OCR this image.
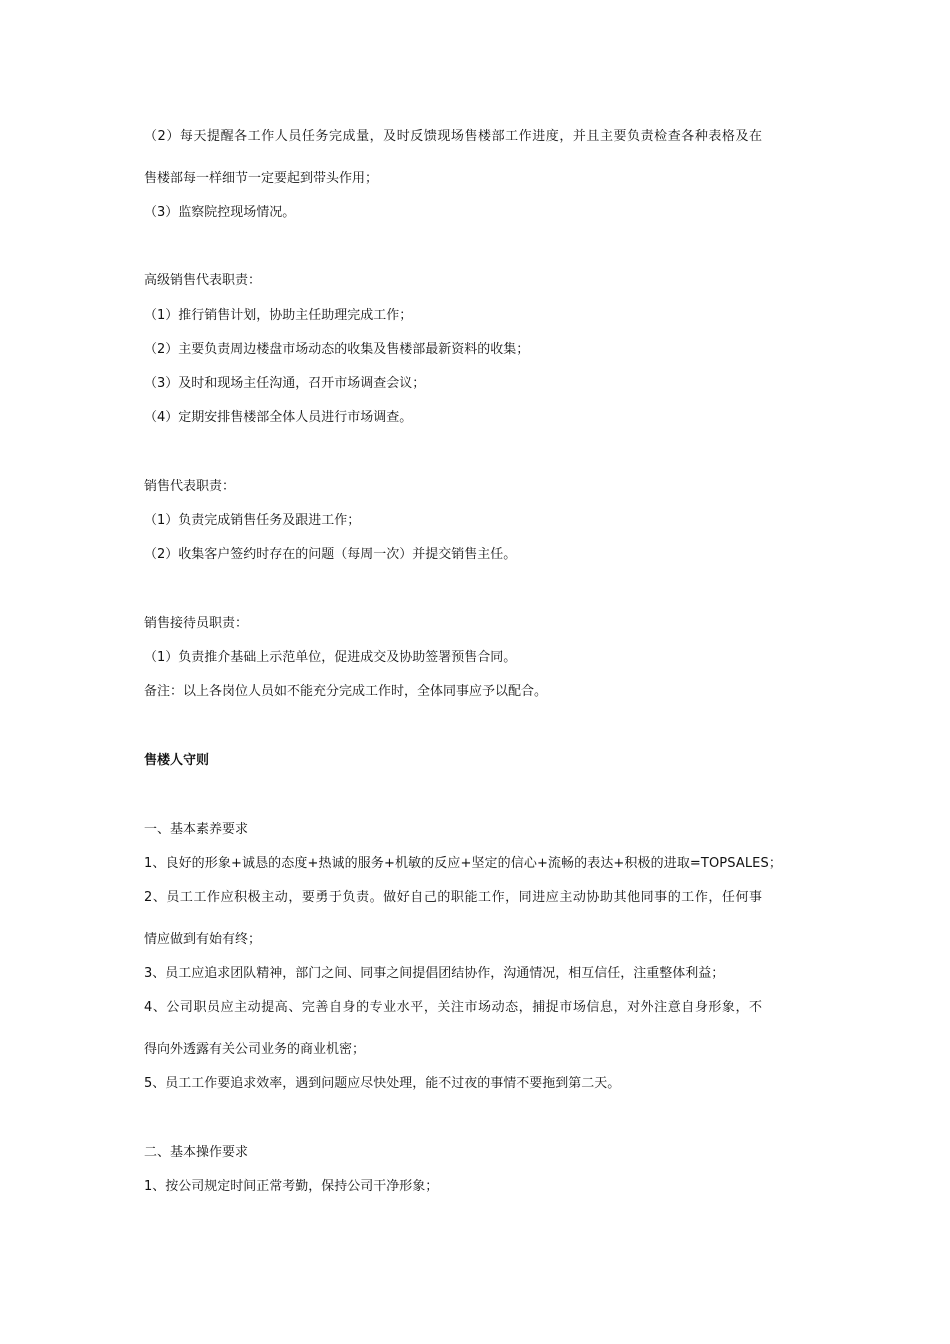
（2）每天提醒各工作人员任务完成量，及时反馈现场售楼部工作进度，并且主要负责检查各种表格及在

售楼部每一样细节一定要起到带头作用；

（3）监察院控现场情况。

高级销售代表职责：

（1）推行销售计划，协助主任助理完成工作；

（2）主要负责周边楼盘市场动态的收集及售楼部最新资料的收集；

（3）及时和现场主任沟通，召开市场调查会议；

（4）定期安排售楼部全体人员进行市场调查。

销售代表职责：

（1）负责完成销售任务及跟进工作；

（2）收集客户签约时存在的问题（每周一次）并提交销售主任。

销售接待员职责：

（1）负责推介基础上示范单位，促进成交及协助签署预售合同。

备注：以上各岗位人员如不能充分完成工作时，全体同事应予以配合。

售楼人守则

一、基本素养要求

1、良好的形象+诚恳的态度+热诚的服务+机敏的反应+坚定的信心+流畅的表达+积极的进取=TOPSALES；

2、员工工作应积极主动，要勇于负责。做好自己的职能工作，同进应主动协助其他同事的工作，任何事

情应做到有始有终；

3、员工应追求团队精神，部门之间、同事之间提倡团结协作，沟通情况，相互信任，注重整体利益；

4、公司职员应主动提高、完善自身的专业水平，关注市场动态，捕捉市场信息，对外注意自身形象，不

得向外透露有关公司业务的商业机密；

5、员工工作要追求效率，遇到问题应尽快处理，能不过夜的事情不要拖到第二天。

二、基本操作要求

1、按公司规定时间正常考勤，保持公司干净形象；
